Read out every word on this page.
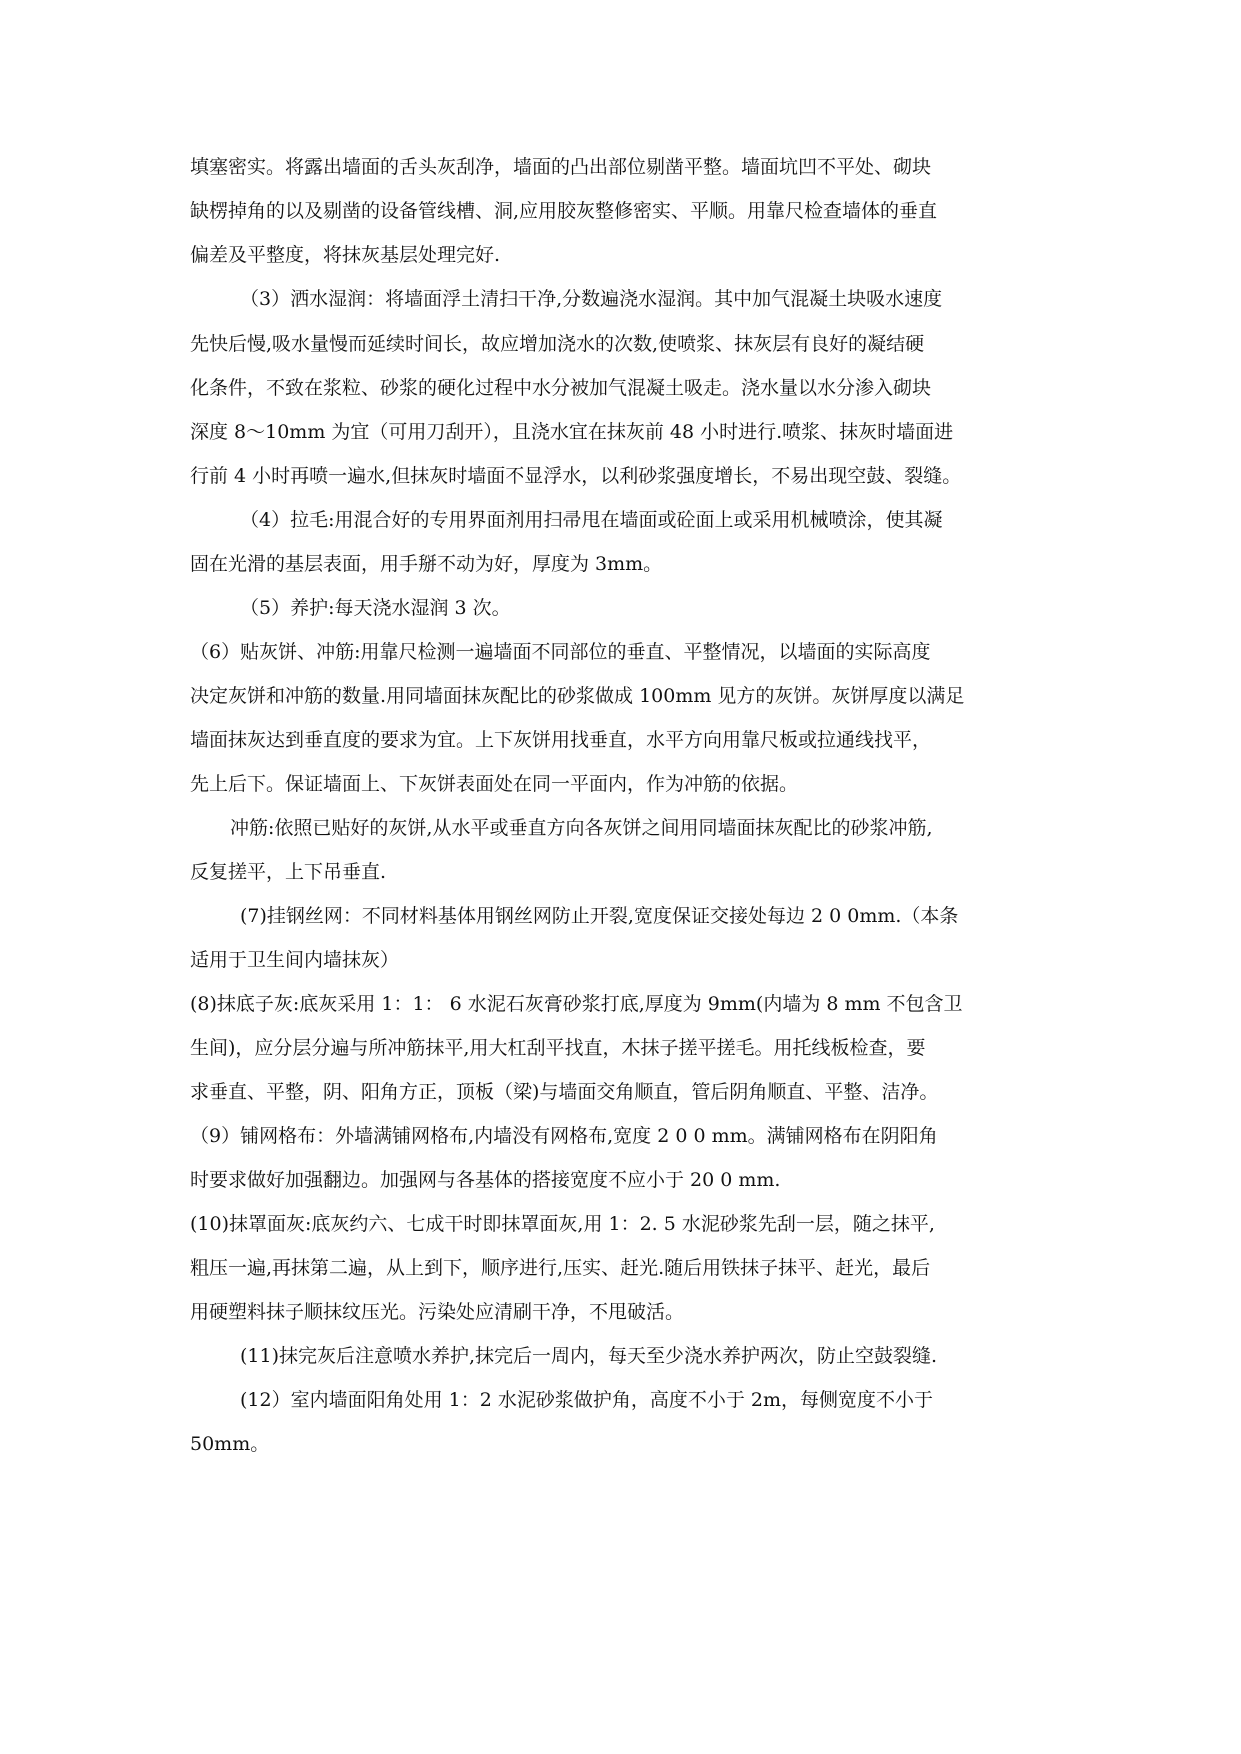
填塞密实。将露出墙面的舌头灰刮净，墙面的凸出部位剔凿平整。墙面坑凹不平处、砌块
缺楞掉角的以及剔凿的设备管线槽、洞,应用胶灰整修密实、平顺。用靠尺检查墙体的垂直
偏差及平整度，将抹灰基层处理完好.
（3）洒水湿润：将墙面浮土清扫干净,分数遍浇水湿润。其中加气混凝土块吸水速度
先快后慢,吸水量慢而延续时间长，故应增加浇水的次数,使喷浆、抹灰层有良好的凝结硬
化条件，不致在浆粒、砂浆的硬化过程中水分被加气混凝土吸走。浇水量以水分渗入砌块
深度 8～10mm 为宜（可用刀刮开），且浇水宜在抹灰前 48 小时进行.喷浆、抹灰时墙面进
行前 4 小时再喷一遍水,但抹灰时墙面不显浮水，以利砂浆强度增长，不易出现空鼓、裂缝。
（4）拉毛:用混合好的专用界面剂用扫帚甩在墙面或砼面上或采用机械喷涂，使其凝
固在光滑的基层表面，用手掰不动为好，厚度为 3mm。
（5）养护:每天浇水湿润 3 次。
（6）贴灰饼、冲筋:用靠尺检测一遍墙面不同部位的垂直、平整情况，以墙面的实际高度
决定灰饼和冲筋的数量.用同墙面抹灰配比的砂浆做成 100mm 见方的灰饼。灰饼厚度以满足
墙面抹灰达到垂直度的要求为宜。上下灰饼用找垂直，水平方向用靠尺板或拉通线找平，
先上后下。保证墙面上、下灰饼表面处在同一平面内，作为冲筋的依据。
冲筋:依照已贴好的灰饼,从水平或垂直方向各灰饼之间用同墙面抹灰配比的砂浆冲筋,
反复搓平，上下吊垂直.
(7)挂钢丝网：不同材料基体用钢丝网防止开裂,宽度保证交接处每边 2 0 0mm.（本条
适用于卫生间内墙抹灰）
(8)抹底子灰:底灰采用 1：1： 6 水泥石灰膏砂浆打底,厚度为 9mm(内墙为 8 mm 不包含卫
生间)，应分层分遍与所冲筋抹平,用大杠刮平找直，木抹子搓平搓毛。用托线板检查，要
求垂直、平整，阴、阳角方正，顶板（梁)与墙面交角顺直，管后阴角顺直、平整、洁净。
（9）铺网格布：外墙满铺网格布,内墙没有网格布,宽度 2 0 0 mm。满铺网格布在阴阳角
时要求做好加强翻边。加强网与各基体的搭接宽度不应小于 20 0 mm.
(10)抹罩面灰:底灰约六、七成干时即抹罩面灰,用 1：2. 5 水泥砂浆先刮一层，随之抹平,
粗压一遍,再抹第二遍，从上到下，顺序进行,压实、赶光.随后用铁抹子抹平、赶光，最后
用硬塑料抹子顺抹纹压光。污染处应清刷干净，不甩破活。
(11)抹完灰后注意喷水养护,抹完后一周内，每天至少浇水养护两次，防止空鼓裂缝.
(12）室内墙面阳角处用 1：2 水泥砂浆做护角，高度不小于 2m，每侧宽度不小于
50mm。
